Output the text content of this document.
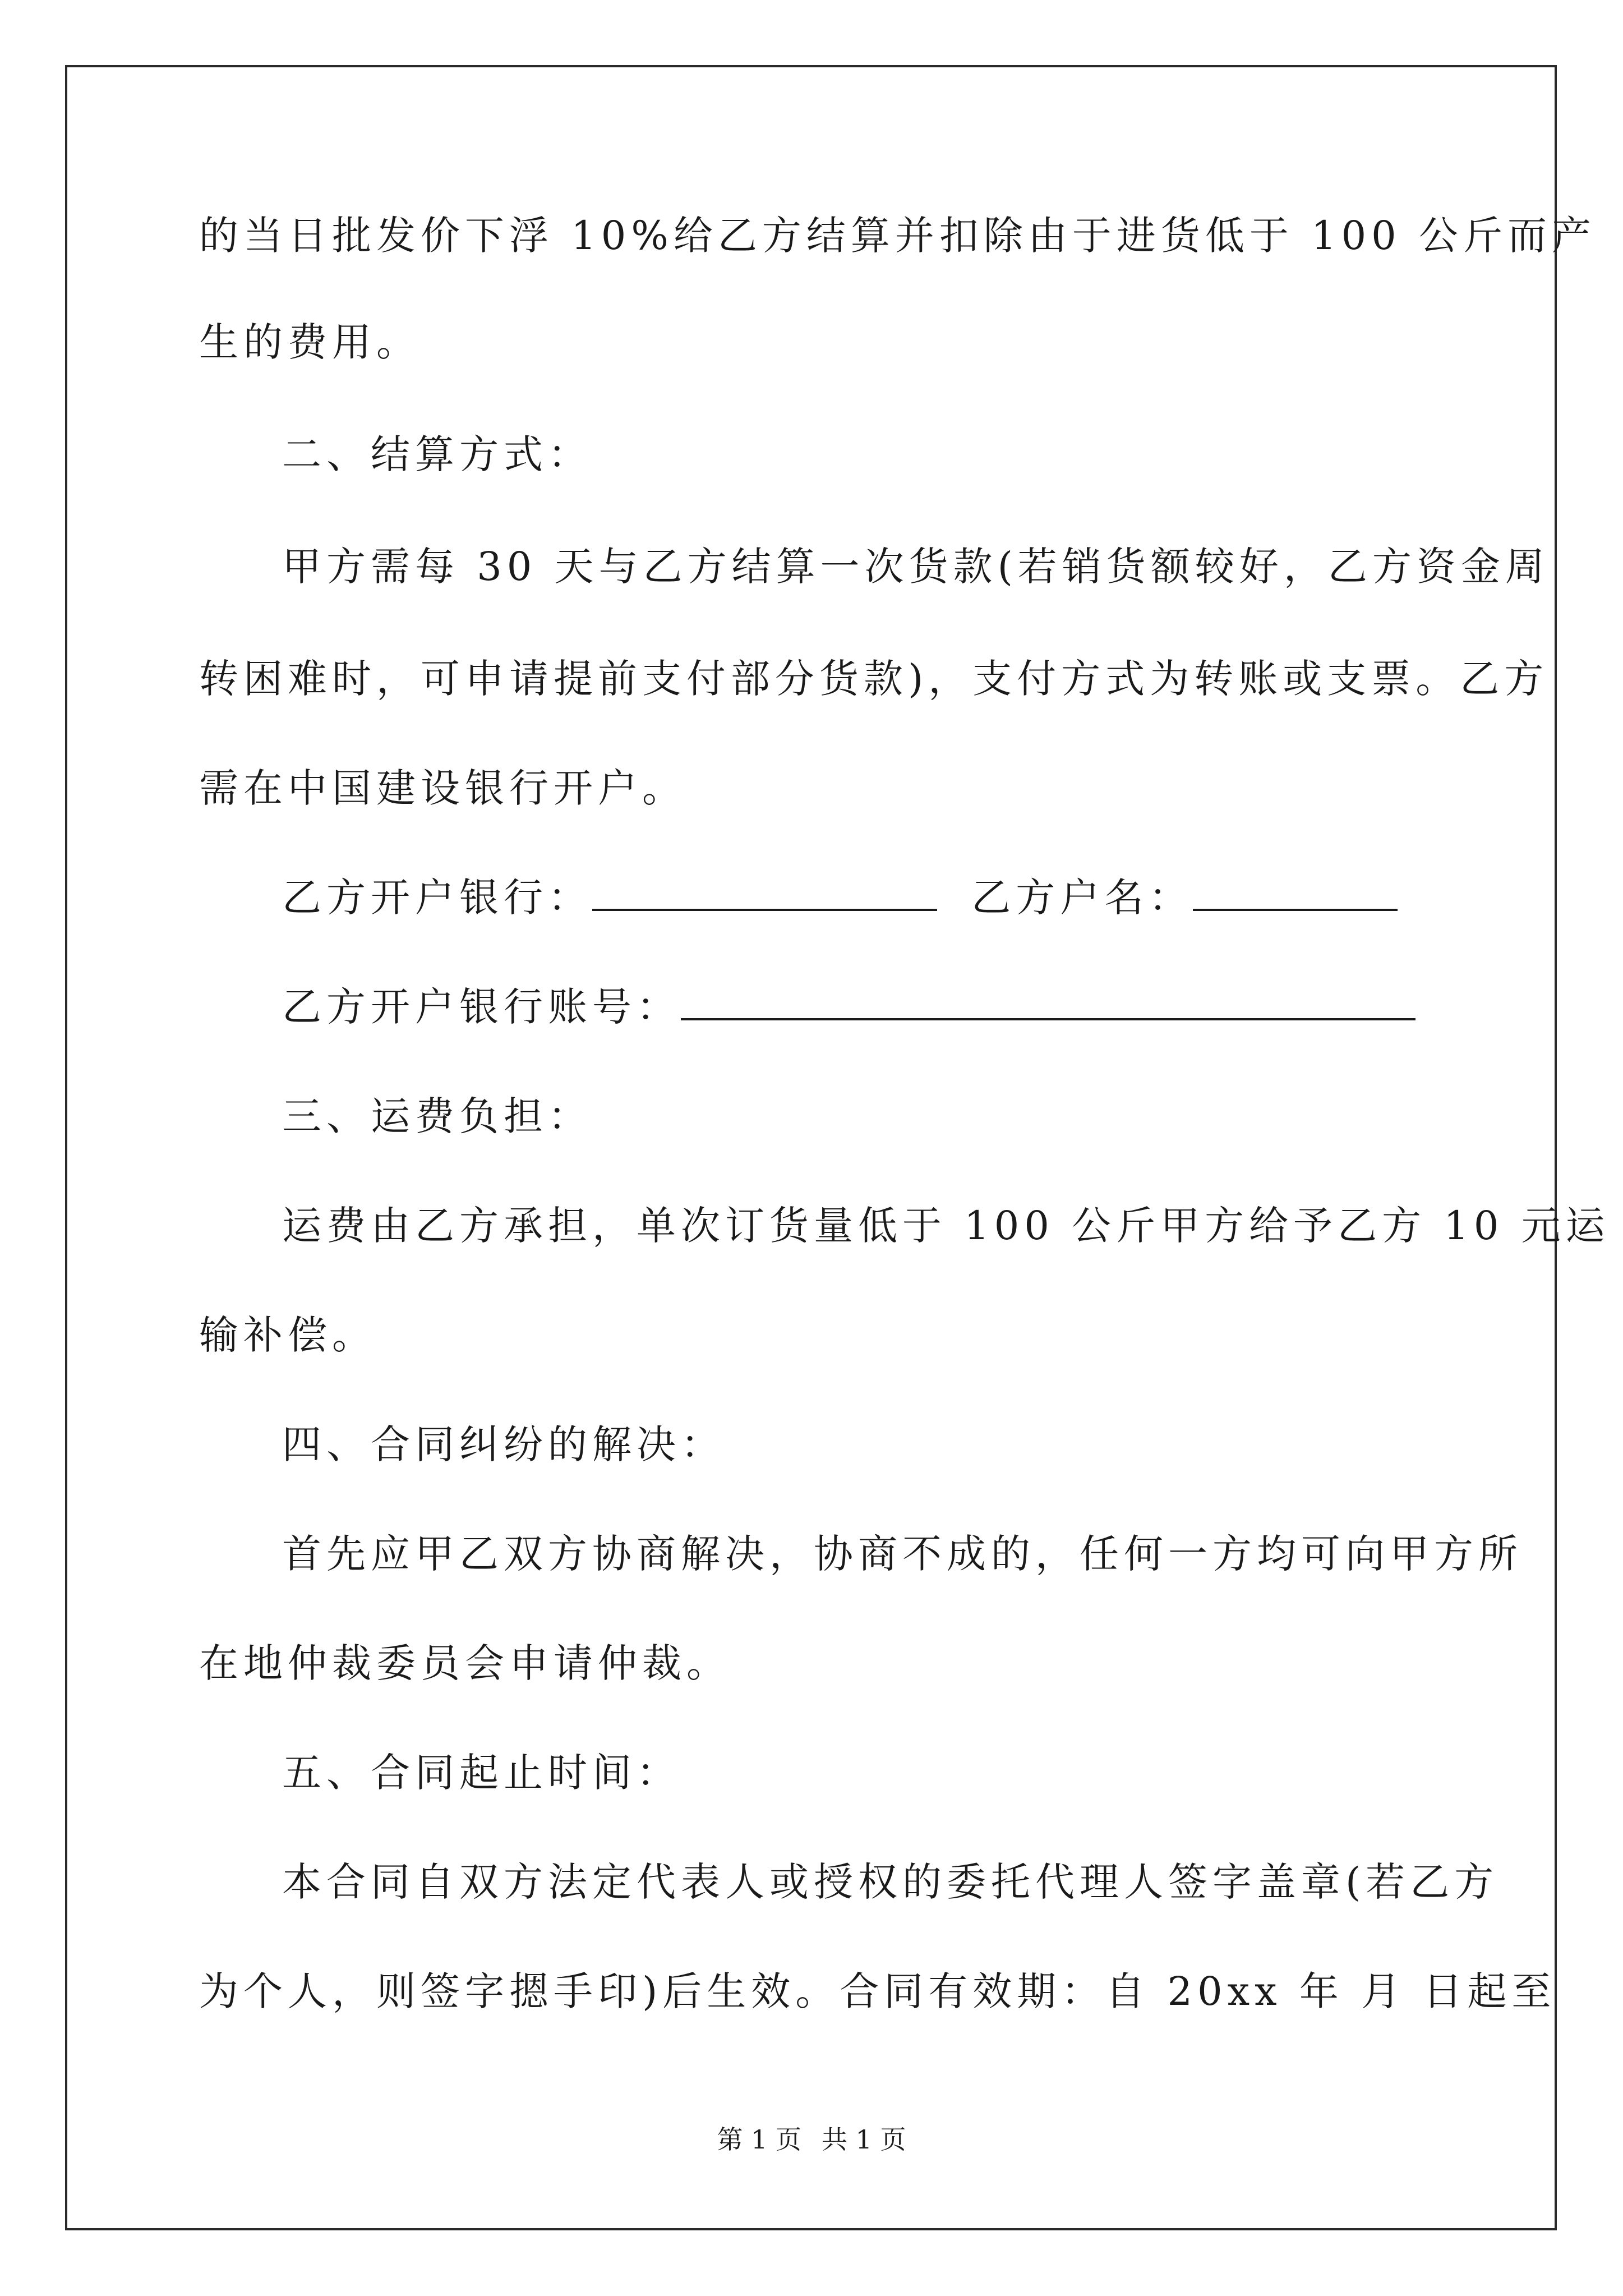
的当日批发价下浮 10%给乙方结算并扣除由于进货低于 100 公斤而产
生的费用。
二、结算方式：
甲方需每 30 天与乙方结算一次货款(若销货额较好，乙方资金周
转困难时，可申请提前支付部分货款)，支付方式为转账或支票。乙方
需在中国建设银行开户。
乙方开户银行：	乙方户名：
乙方开户银行账号：
三、运费负担：
运费由乙方承担，单次订货量低于 100 公斤甲方给予乙方 10 元运
输补偿。
四、合同纠纷的解决：
首先应甲乙双方协商解决，协商不成的，任何一方均可向甲方所
在地仲裁委员会申请仲裁。
五、合同起止时间：
本合同自双方法定代表人或授权的委托代理人签字盖章(若乙方
为个人，则签字摁手印)后生效。合同有效期：自 20xx 年 月 日起至
第 1 页 共 1 页
